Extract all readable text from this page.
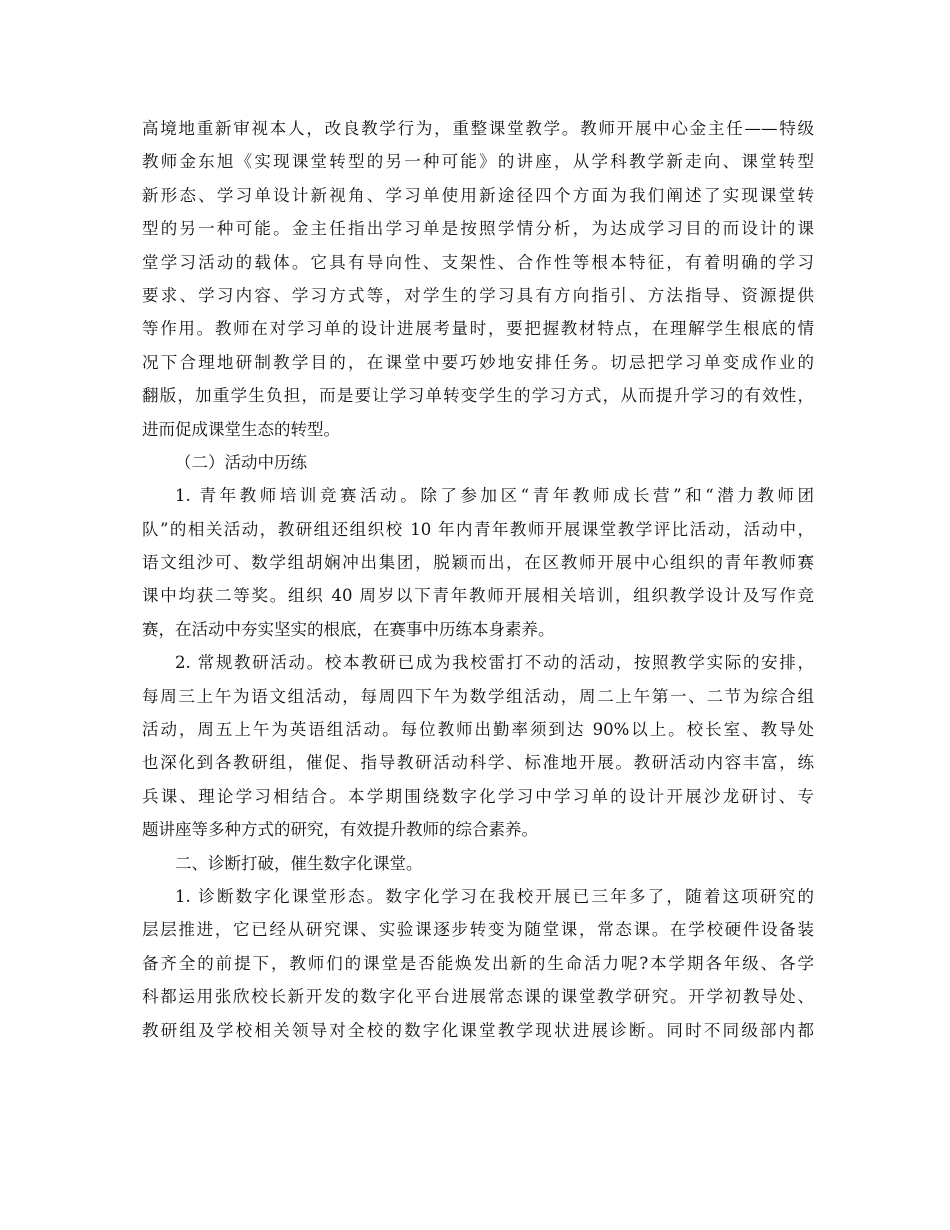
高境地重新审视本人，改良教学行为，重整课堂教学。教师开展中心金主任——特级
教师金东旭《实现课堂转型的另一种可能》的讲座，从学科教学新走向、课堂转型
新形态、学习单设计新视角、学习单使用新途径四个方面为我们阐述了实现课堂转
型的另一种可能。金主任指出学习单是按照学情分析，为达成学习目的而设计的课
堂学习活动的载体。它具有导向性、支架性、合作性等根本特征，有着明确的学习
要求、学习内容、学习方式等，对学生的学习具有方向指引、方法指导、资源提供
等作用。教师在对学习单的设计进展考量时，要把握教材特点，在理解学生根底的情
况下合理地研制教学目的，在课堂中要巧妙地安排任务。切忌把学习单变成作业的
翻版，加重学生负担，而是要让学习单转变学生的学习方式，从而提升学习的有效性，
进而促成课堂生态的转型。
（二）活动中历练
1. 青年教师培训竞赛活动。除了参加区“青年教师成长营”和“潜力教师团
队”的相关活动，教研组还组织校 10 年内青年教师开展课堂教学评比活动，活动中，
语文组沙可、数学组胡娴冲出集团，脱颖而出，在区教师开展中心组织的青年教师赛
课中均获二等奖。组织 40 周岁以下青年教师开展相关培训，组织教学设计及写作竞
赛，在活动中夯实坚实的根底，在赛事中历练本身素养。
2. 常规教研活动。校本教研已成为我校雷打不动的活动，按照教学实际的安排，
每周三上午为语文组活动，每周四下午为数学组活动，周二上午第一、二节为综合组
活动，周五上午为英语组活动。每位教师出勤率须到达 90%以上。校长室、教导处
也深化到各教研组，催促、指导教研活动科学、标准地开展。教研活动内容丰富，练
兵课、理论学习相结合。本学期围绕数字化学习中学习单的设计开展沙龙研讨、专
题讲座等多种方式的研究，有效提升教师的综合素养。
二、诊断打破，催生数字化课堂。
1. 诊断数字化课堂形态。数字化学习在我校开展已三年多了，随着这项研究的
层层推进，它已经从研究课、实验课逐步转变为随堂课，常态课。在学校硬件设备装
备齐全的前提下，教师们的课堂是否能焕发出新的生命活力呢?本学期各年级、各学
科都运用张欣校长新开发的数字化平台进展常态课的课堂教学研究。开学初教导处、
教研组及学校相关领导对全校的数字化课堂教学现状进展诊断。同时不同级部内都
